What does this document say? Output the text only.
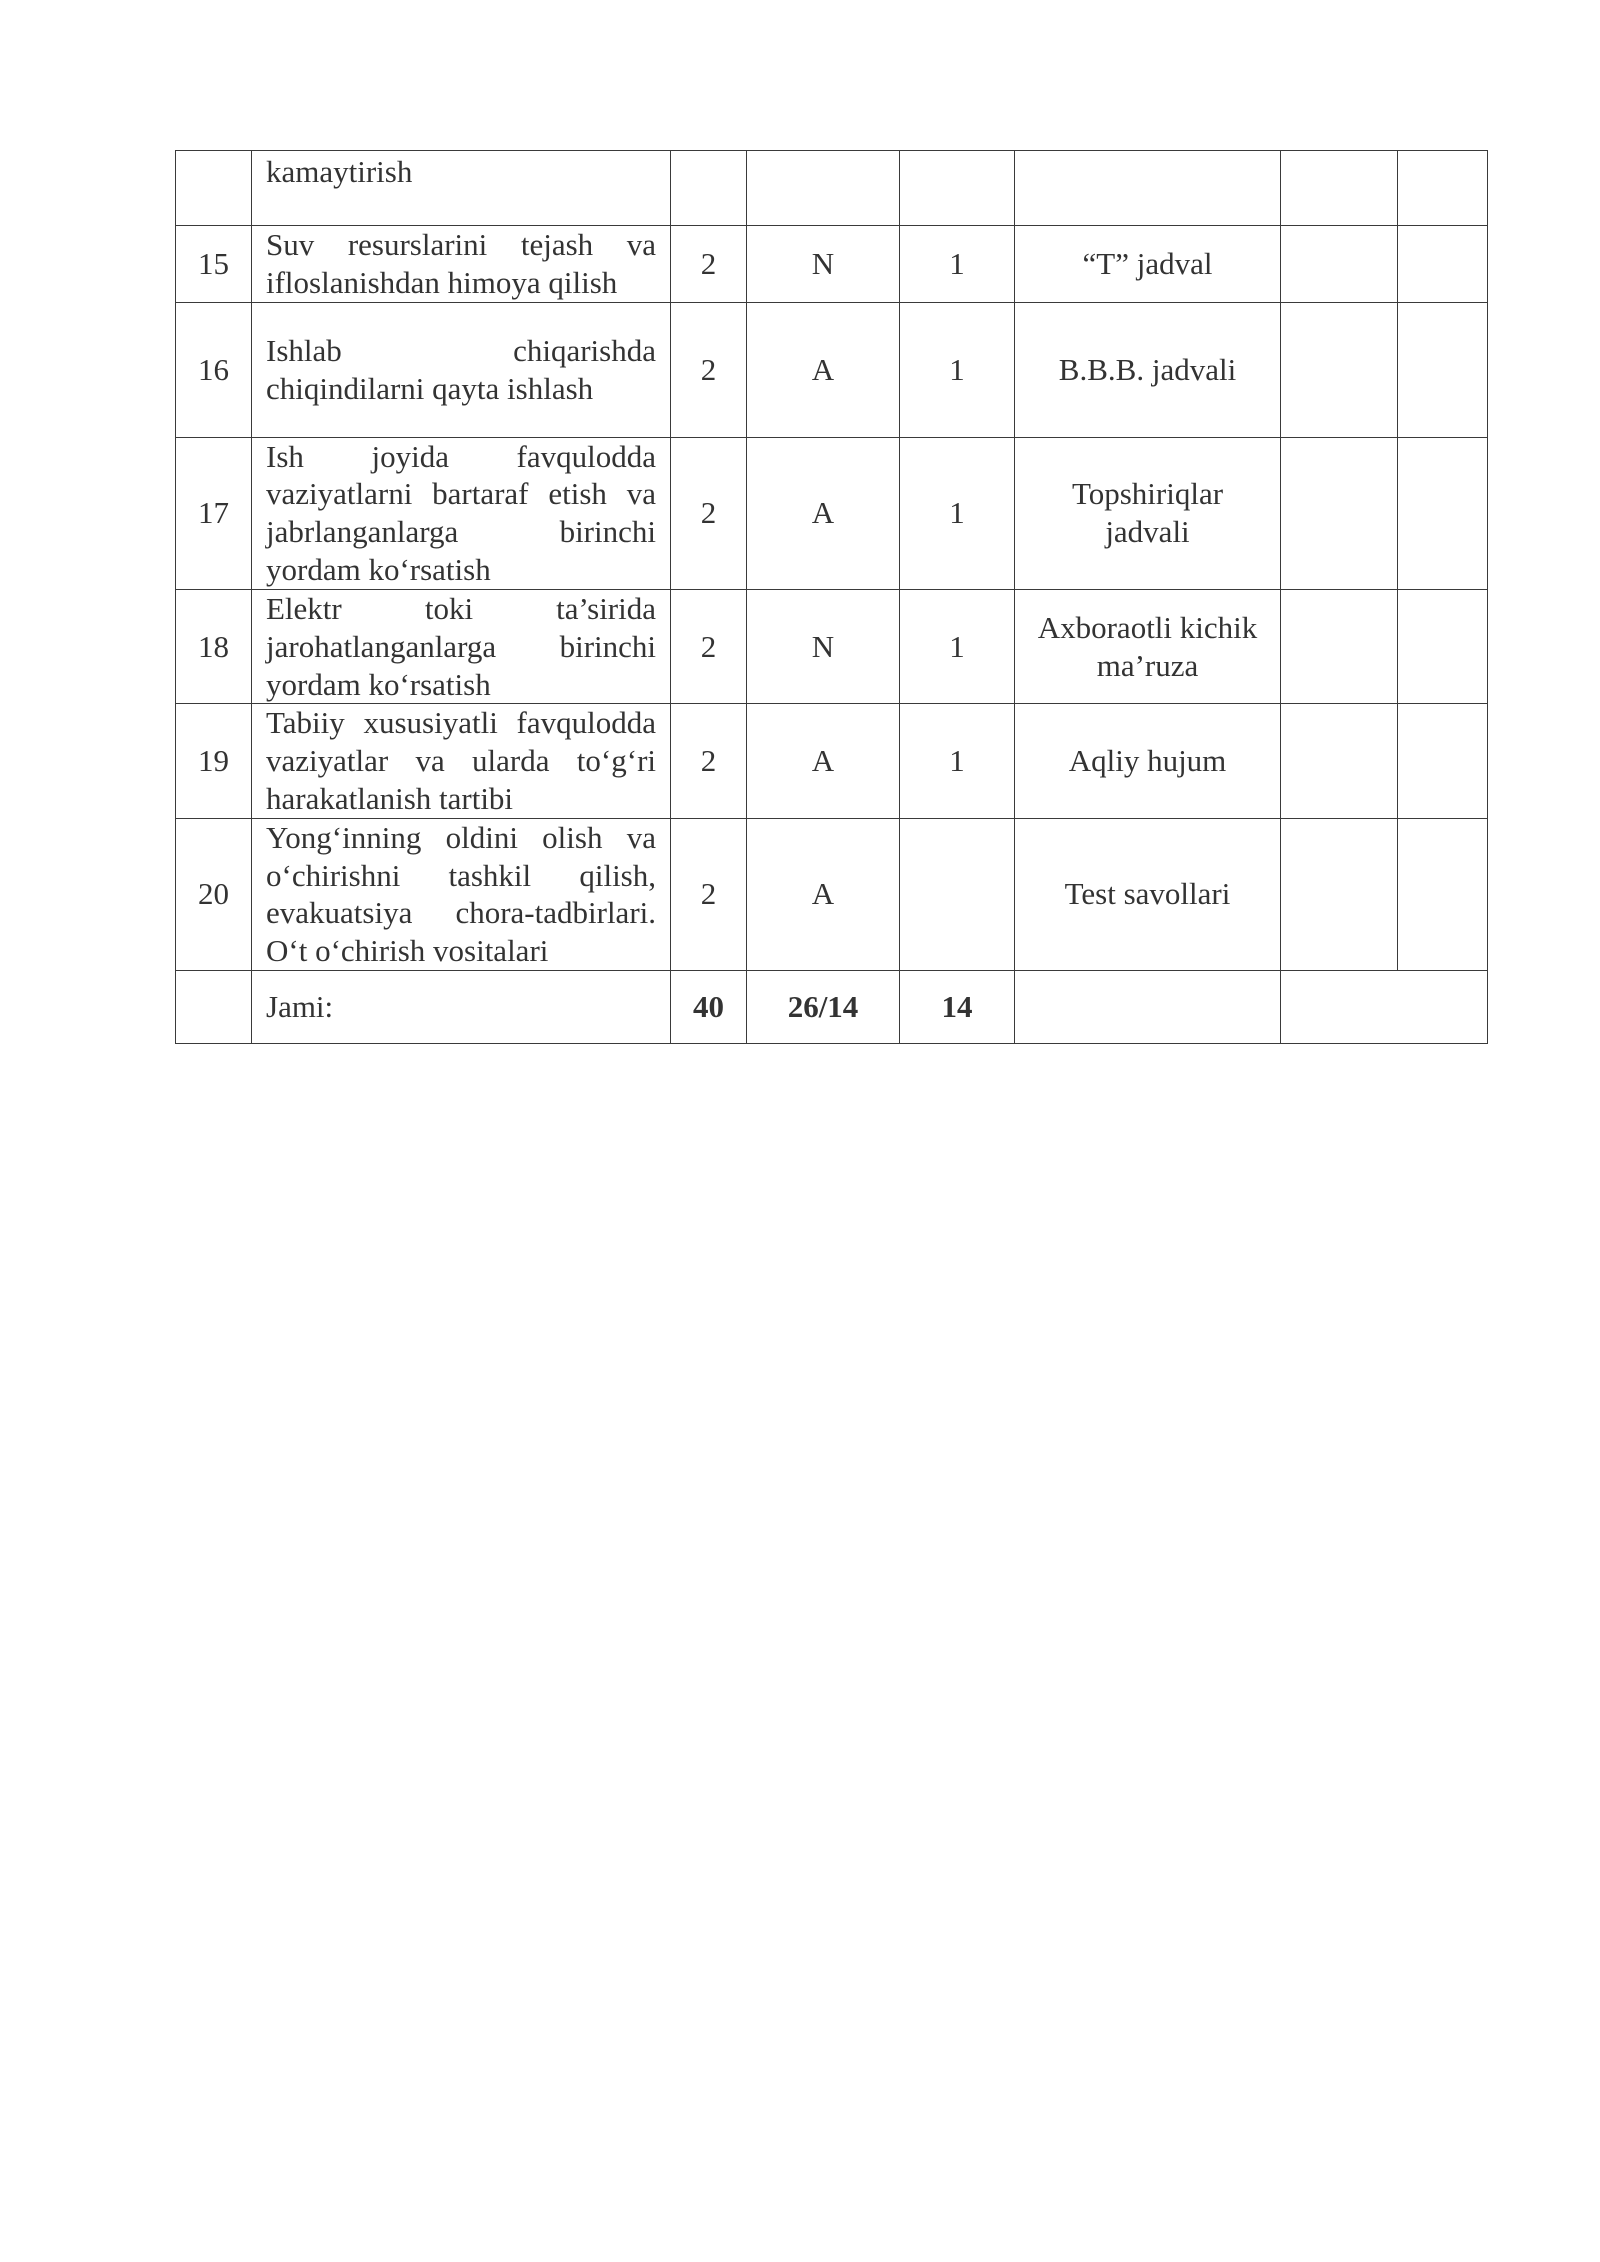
	kamaytirish						
15	Suv resurslarini tejash va ifloslanishdan himoya qilish	2	N	1	“T” jadval		
16	Ishlab chiqarishda chiqindilarni qayta ishlash	2	A	1	B.B.B. jadvali		
17	Ish joyida favqulodda vaziyatlarni bartaraf etish va jabrlanganlarga birinchi yordam ko‘rsatish	2	A	1	Topshiriqlar jadvali		
18	Elektr toki ta’sirida jarohatlanganlarga birinchi yordam ko‘rsatish	2	N	1	Axboraotli kichik ma’ruza		
19	Tabiiy xususiyatli favqulodda vaziyatlar va ularda to‘g‘ri harakatlanish tartibi	2	A	1	Aqliy hujum		
20	Yong‘inning oldini olish va o‘chirishni tashkil qilish, evakuatsiya chora-tadbirlari. O‘t o‘chirish vositalari	2	A		Test savollari		
	Jami:	40	26/14	14			
